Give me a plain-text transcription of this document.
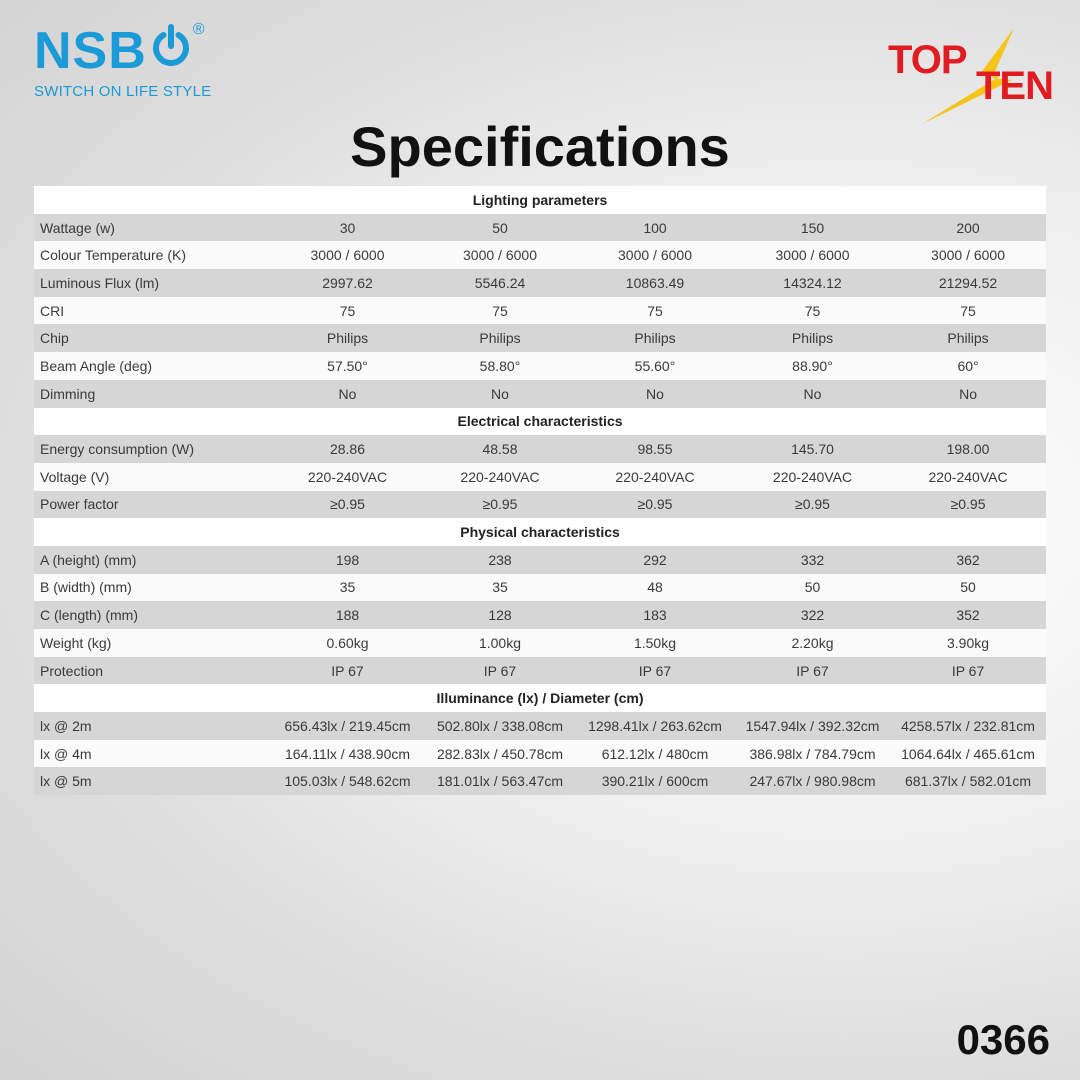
NSB	®
SWITCH ON LIFE STYLE
TOP
TEN
Specifications
Lighting parameters					
Wattage (w)	30	50	100	150	200
Colour Temperature (K)	3000 / 6000	3000 / 6000	3000 / 6000	3000 / 6000	3000 / 6000
Luminous Flux (lm)	2997.62	5546.24	10863.49	14324.12	21294.52
CRI	75	75	75	75	75
Chip	Philips	Philips	Philips	Philips	Philips
Beam Angle (deg)	57.50°	58.80°	55.60°	88.90°	60°
Dimming	No	No	No	No	No
Electrical characteristics					
Energy consumption (W)	28.86	48.58	98.55	145.70	198.00
Voltage (V)	220-240VAC	220-240VAC	220-240VAC	220-240VAC	220-240VAC
Power factor	≥0.95	≥0.95	≥0.95	≥0.95	≥0.95
Physical characteristics					
A (height) (mm)	198	238	292	332	362
B (width) (mm)	35	35	48	50	50
C (length) (mm)	188	128	183	322	352
Weight (kg)	0.60kg	1.00kg	1.50kg	2.20kg	3.90kg
Protection	IP 67	IP 67	IP 67	IP 67	IP 67
Illuminance (lx) / Diameter (cm)					
lx @ 2m	656.43lx / 219.45cm	502.80lx / 338.08cm	1298.41lx / 263.62cm	1547.94lx / 392.32cm	4258.57lx / 232.81cm
lx @ 4m	164.11lx / 438.90cm	282.83lx / 450.78cm	612.12lx / 480cm	386.98lx / 784.79cm	1064.64lx / 465.61cm
lx @ 5m	105.03lx / 548.62cm	181.01lx / 563.47cm	390.21lx / 600cm	247.67lx / 980.98cm	681.37lx / 582.01cm
0366
